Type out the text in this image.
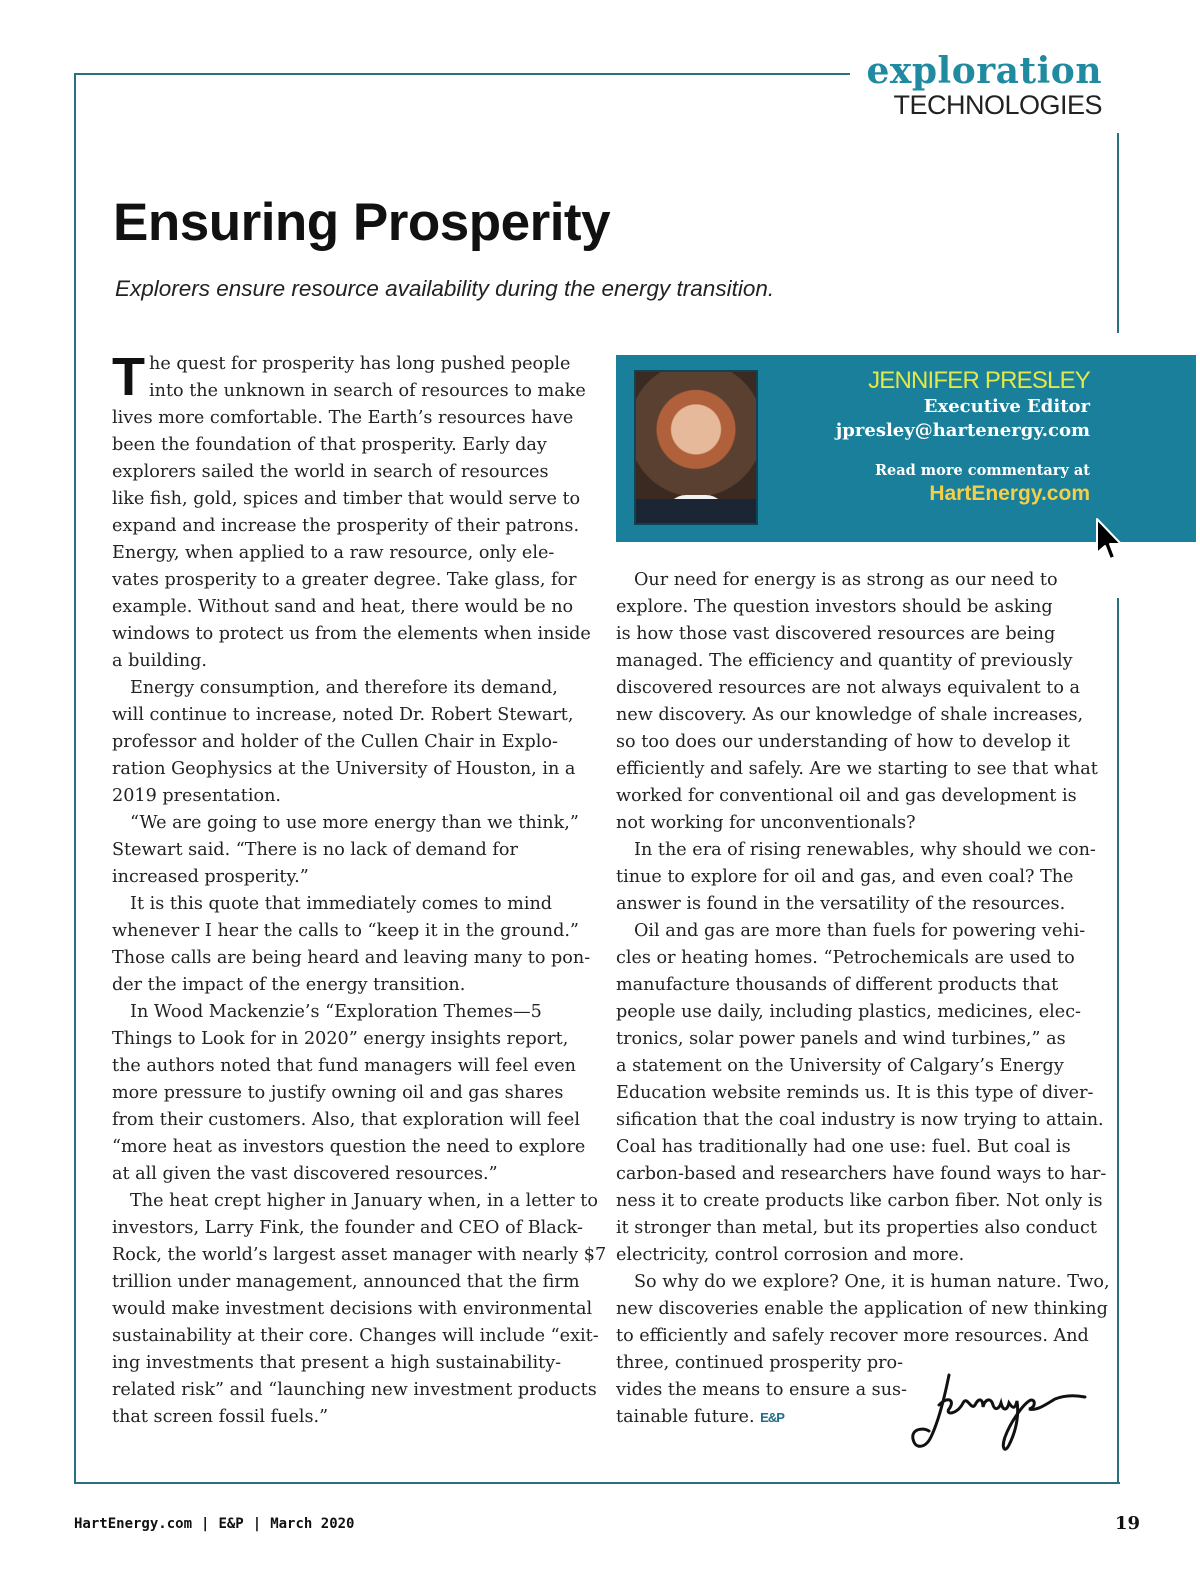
exploration
TECHNOLOGIES
Ensuring Prosperity

Explorers ensure resource availability during the energy transition.

T he quest for prosperity has long pushed people
into the unknown in search of resources to make
lives more comfortable. The Earth’s resources have
been the foundation of that prosperity. Early day
explorers sailed the world in search of resources
like fish, gold, spices and timber that would serve to
expand and increase the prosperity of their patrons.
Energy, when applied to a raw resource, only ele-
vates prosperity to a greater degree. Take glass, for
example. Without sand and heat, there would be no
windows to protect us from the elements when inside
a building.

Energy consumption, and therefore its demand,
will continue to increase, noted Dr. Robert Stewart,
professor and holder of the Cullen Chair in Explo-
ration Geophysics at the University of Houston, in a
2019 presentation.

“We are going to use more energy than we think,”
Stewart said. “There is no lack of demand for
increased prosperity.”

It is this quote that immediately comes to mind
whenever I hear the calls to “keep it in the ground.”
Those calls are being heard and leaving many to pon-
der the impact of the energy transition.

In Wood Mackenzie’s “Exploration Themes—5
Things to Look for in 2020” energy insights report,
the authors noted that fund managers will feel even
more pressure to justify owning oil and gas shares
from their customers. Also, that exploration will feel
“more heat as investors question the need to explore
at all given the vast discovered resources.”

The heat crept higher in January when, in a letter to
investors, Larry Fink, the founder and CEO of Black-
Rock, the world’s largest asset manager with nearly $7
trillion under management, announced that the firm
would make investment decisions with environmental
sustainability at their core. Changes will include “exit-
ing investments that present a high sustainability-
related risk” and “launching new investment products
that screen fossil fuels.”

JENNIFER PRESLEY
Executive Editor
jpresley@hartenergy.com
Read more commentary at
HartEnergy.com

Our need for energy is as strong as our need to
explore. The question investors should be asking
is how those vast discovered resources are being
managed. The efficiency and quantity of previously
discovered resources are not always equivalent to a
new discovery. As our knowledge of shale increases,
so too does our understanding of how to develop it
efficiently and safely. Are we starting to see that what
worked for conventional oil and gas development is
not working for unconventionals?

In the era of rising renewables, why should we con-
tinue to explore for oil and gas, and even coal? The
answer is found in the versatility of the resources.

Oil and gas are more than fuels for powering vehi-
cles or heating homes. “Petrochemicals are used to
manufacture thousands of different products that
people use daily, including plastics, medicines, elec-
tronics, solar power panels and wind turbines,” as
a statement on the University of Calgary’s Energy
Education website reminds us. It is this type of diver-
sification that the coal industry is now trying to attain.
Coal has traditionally had one use: fuel. But coal is
carbon-based and researchers have found ways to har-
ness it to create products like carbon fiber. Not only is
it stronger than metal, but its properties also conduct
electricity, control corrosion and more.

So why do we explore? One, it is human nature. Two,
new discoveries enable the application of new thinking
to efficiently and safely recover more resources. And
three, continued prosperity pro-
vides the means to ensure a sus-
tainable future. E&P

HartEnergy.com | E&P | March 2020	19
